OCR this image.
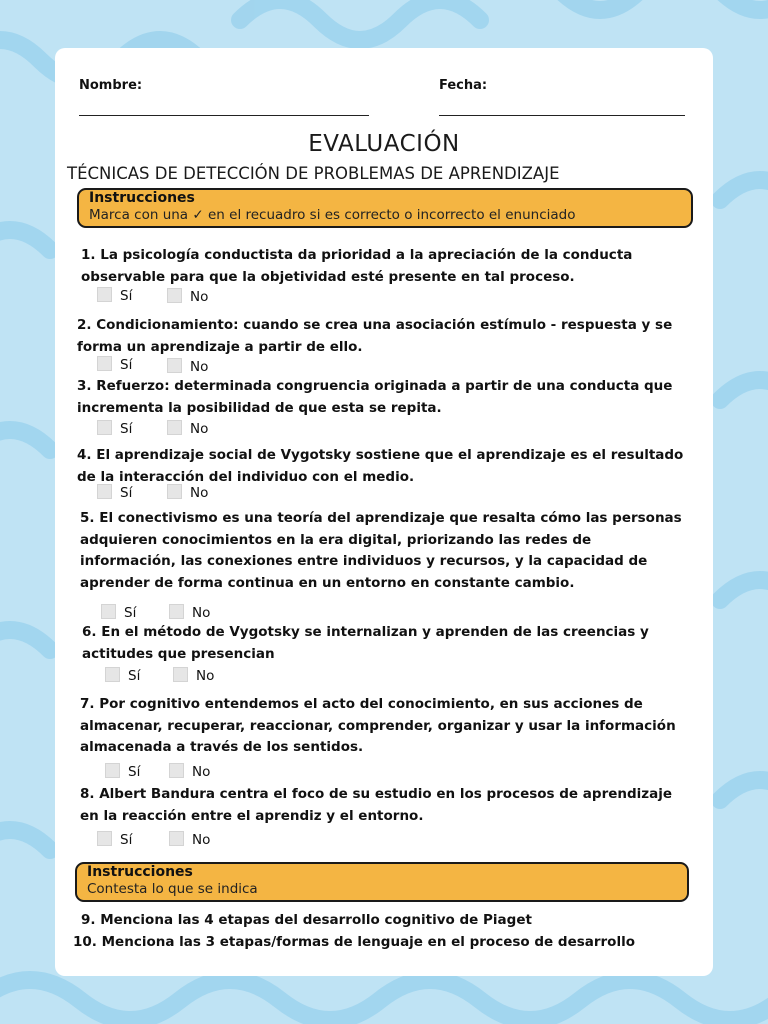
Nombre:	Fecha:
EVALUACIÓN
TÉCNICAS DE DETECCIÓN DE PROBLEMAS DE APRENDIZAJE
Instrucciones
Marca con una ✓ en el recuadro si es correcto o incorrecto el enunciado
1. La psicología conductista da prioridad a la apreciación de la conducta
observable para que la objetividad esté presente en tal proceso.
Sí	No
2. Condicionamiento: cuando se crea una asociación estímulo - respuesta y se
forma un aprendizaje a partir de ello.
Sí	No
3. Refuerzo: determinada congruencia originada a partir de una conducta que
incrementa la posibilidad de que esta se repita.
Sí	No
4. El aprendizaje social de Vygotsky sostiene que el aprendizaje es el resultado
de la interacción del individuo con el medio.
Sí	No
5. El conectivismo es una teoría del aprendizaje que resalta cómo las personas
adquieren conocimientos en la era digital, priorizando las redes de
información, las conexiones entre individuos y recursos, y la capacidad de
aprender de forma continua en un entorno en constante cambio.
Sí	No
6. En el método de Vygotsky se internalizan y aprenden de las creencias y
actitudes que presencian
Sí	No
7. Por cognitivo entendemos el acto del conocimiento, en sus acciones de
almacenar, recuperar, reaccionar, comprender, organizar y usar la información
almacenada a través de los sentidos.
Sí	No
8. Albert Bandura centra el foco de su estudio en los procesos de aprendizaje
en la reacción entre el aprendiz y el entorno.
Sí	No
Instrucciones
Contesta lo que se indica
9. Menciona las 4 etapas del desarrollo cognitivo de Piaget
10. Menciona las 3 etapas/formas de lenguaje en el proceso de desarrollo
